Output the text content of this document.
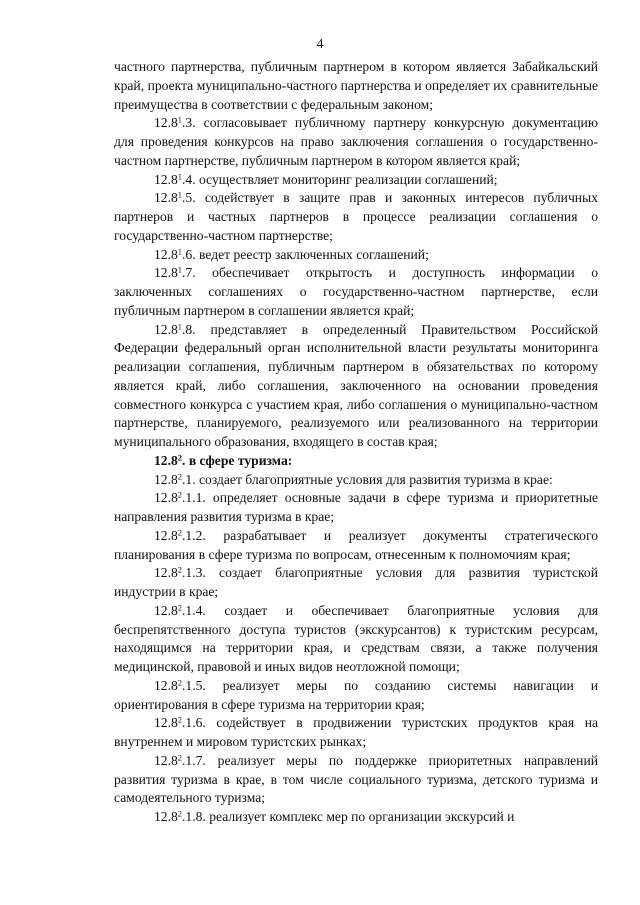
4

частного партнерства, публичным партнером в котором является Забайкальский край, проекта муниципально-частного партнерства и определяет их сравнительные преимущества в соответствии с федеральным законом;

12.8$^1$.3. согласовывает публичному партнеру конкурсную документацию для проведения конкурсов на право заключения соглашения о государственно-частном партнерстве, публичным партнером в котором является край;

12.8$^1$.4. осуществляет мониторинг реализации соглашений;

12.8$^1$.5. содействует в защите прав и законных интересов публичных партнеров и частных партнеров в процессе реализации соглашения о государственно-частном партнерстве;

12.8$^1$.6. ведет реестр заключенных соглашений;

12.8$^1$.7. обеспечивает открытость и доступность информации о заключенных соглашениях о государственно-частном партнерстве, если публичным партнером в соглашении является край;

12.8$^1$.8. представляет в определенный Правительством Российской Федерации федеральный орган исполнительной власти результаты мониторинга реализации соглашения, публичным партнером в обязательствах по которому является край, либо соглашения, заключенного на основании проведения совместного конкурса с участием края, либо соглашения о муниципально-частном партнерстве, планируемого, реализуемого или реализованного на территории муниципального образования, входящего в состав края;

12.8$^2$. в сфере туризма:

12.8$^2$.1. создает благоприятные условия для развития туризма в крае:

12.8$^2$.1.1. определяет основные задачи в сфере туризма и приоритетные направления развития туризма в крае;

12.8$^2$.1.2. разрабатывает и реализует документы стратегического планирования в сфере туризма по вопросам, отнесенным к полномочиям края;

12.8$^2$.1.3. создает благоприятные условия для развития туристской индустрии в крае;

12.8$^2$.1.4. создает и обеспечивает благоприятные условия для беспрепятственного доступа туристов (экскурсантов) к туристским ресурсам, находящимся на территории края, и средствам связи, а также получения медицинской, правовой и иных видов неотложной помощи;

12.8$^2$.1.5. реализует меры по созданию системы навигации и ориентирования в сфере туризма на территории края;

12.8$^2$.1.6. содействует в продвижении туристских продуктов края на внутреннем и мировом туристских рынках;

12.8$^2$.1.7. реализует меры по поддержке приоритетных направлений развития туризма в крае, в том числе социального туризма, детского туризма и самодеятельного туризма;

12.8$^2$.1.8. реализует комплекс мер по организации экскурсий и
